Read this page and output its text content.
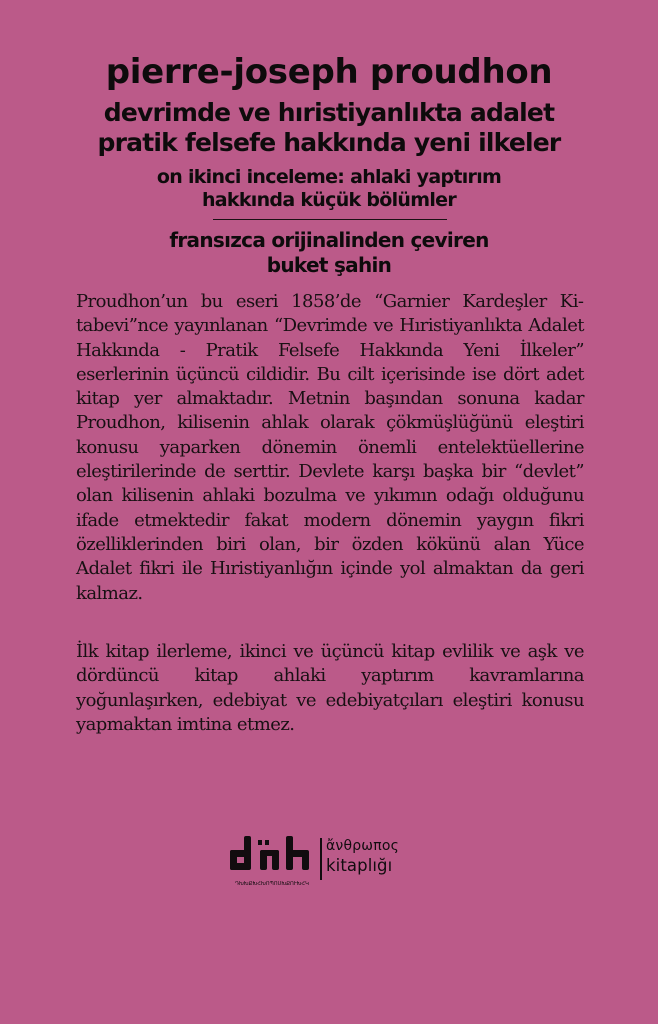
pierre-joseph proudhon
devrimde ve hıristiyanlıkta adalet
pratik felsefe hakkında yeni ilkeler
on ikinci inceleme: ahlaki yaptırım
hakkında küçük bölümler
fransızca orijinalinden çeviren
buket şahin

Proudhon’un bu eseri 1858’de “Garnier Kardeşler Kitabevi”nce yayınlanan “Devrimde ve Hıristiyanlıkta Adalet Hakkında - Pratik Felsefe Hakkında Yeni İlkeler” eserlerinin üçüncü cildidir. Bu cilt içerisinde ise dört adet kitap yer almaktadır. Metnin başından sonuna kadar Proudhon, kilisenin ahlak olarak çökmüşlüğünü eleştiri konusu yaparken dönemin önemli entelektüellerine eleştirilerinde de serttir. Devlete karşı başka bir “devlet” olan kilisenin ahlaki bozulma ve yıkımın odağı olduğunu ifade etmektedir fakat modern dönemin yaygın fikri özelliklerinden biri olan, bir özden kökünü alan Yüce Adalet fikri ile Hıristiyanlığın içinde yol almaktan da geri kalmaz.

İlk kitap ilerleme, ikinci ve üçüncü kitap evlilik ve aşk ve dördüncü kitap ahlaki yaptırım kavramlarına yoğunlaşırken, edebiyat ve edebiyatçıları eleştiri konusu yapmaktan imtina etmez.

ԴԽԽՔԽՀԽՈՊՈՍԽՔՈՒԽՀԿ
ἄνθρωπος
kitaplığı
